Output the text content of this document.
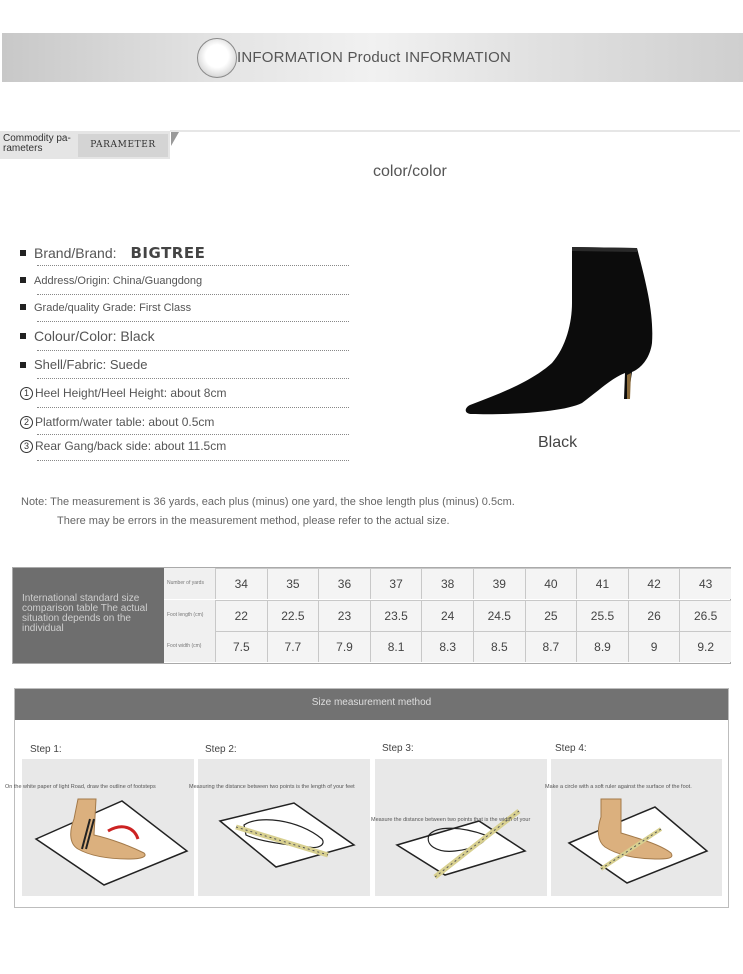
INFORMATION Product INFORMATION
Commodity pa- rameters	PARAMETER
color/color
Brand/Brand: BIGTREE
Address/Origin: China/Guangdong
Grade/quality Grade: First Class
Colour/Color: Black
Shell/Fabric: Suede
1 Heel Height/Heel Height: about 8cm
2 Platform/water table: about 0.5cm
3 Rear Gang/back side: about 11.5cm	Black
Note: The measurement is 36 yards, each plus (minus) one yard, the shoe length plus (minus) 0.5cm.
There may be errors in the measurement method, please refer to the actual size.
International standard size comparison table The actual situation depends on the individual
Number of yards	34	35	36	37	38	39	40	41	42	43
Foot length (cm)	22	22.5	23	23.5	24	24.5	25	25.5	26	26.5
Foot width (cm)	7.5	7.7	7.9	8.1	8.3	8.5	8.7	8.9	9	9.2
Size measurement method
Step 1:	Step 2:	Step 3:	Step 4:
On the white paper of light Road, draw the outline of footsteps	Measuring the distance between two points is the length of your feet
Measure the distance between two points that is the width of your
Make a circle with a soft ruler against the surface of the foot.
